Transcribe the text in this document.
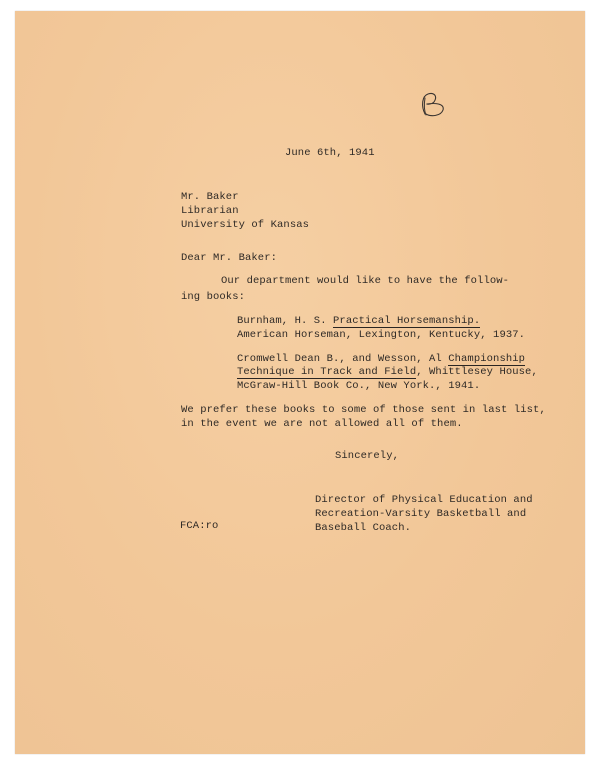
June 6th, 1941
Mr. Baker
Librarian
University of Kansas
Dear Mr. Baker:
Our department would like to have the follow-
ing books:
Burnham, H. S. Practical Horsemanship.
American Horseman, Lexington, Kentucky, 1937.
Cromwell Dean B., and Wesson, Al Championship
Technique in Track and Field, Whittlesey House,
McGraw-Hill Book Co., New York., 1941.
We prefer these books to some of those sent in last list,
in the event we are not allowed all of them.
Sincerely,
Director of Physical Education and
Recreation-Varsity Basketball and
Baseball Coach.
FCA:ro
